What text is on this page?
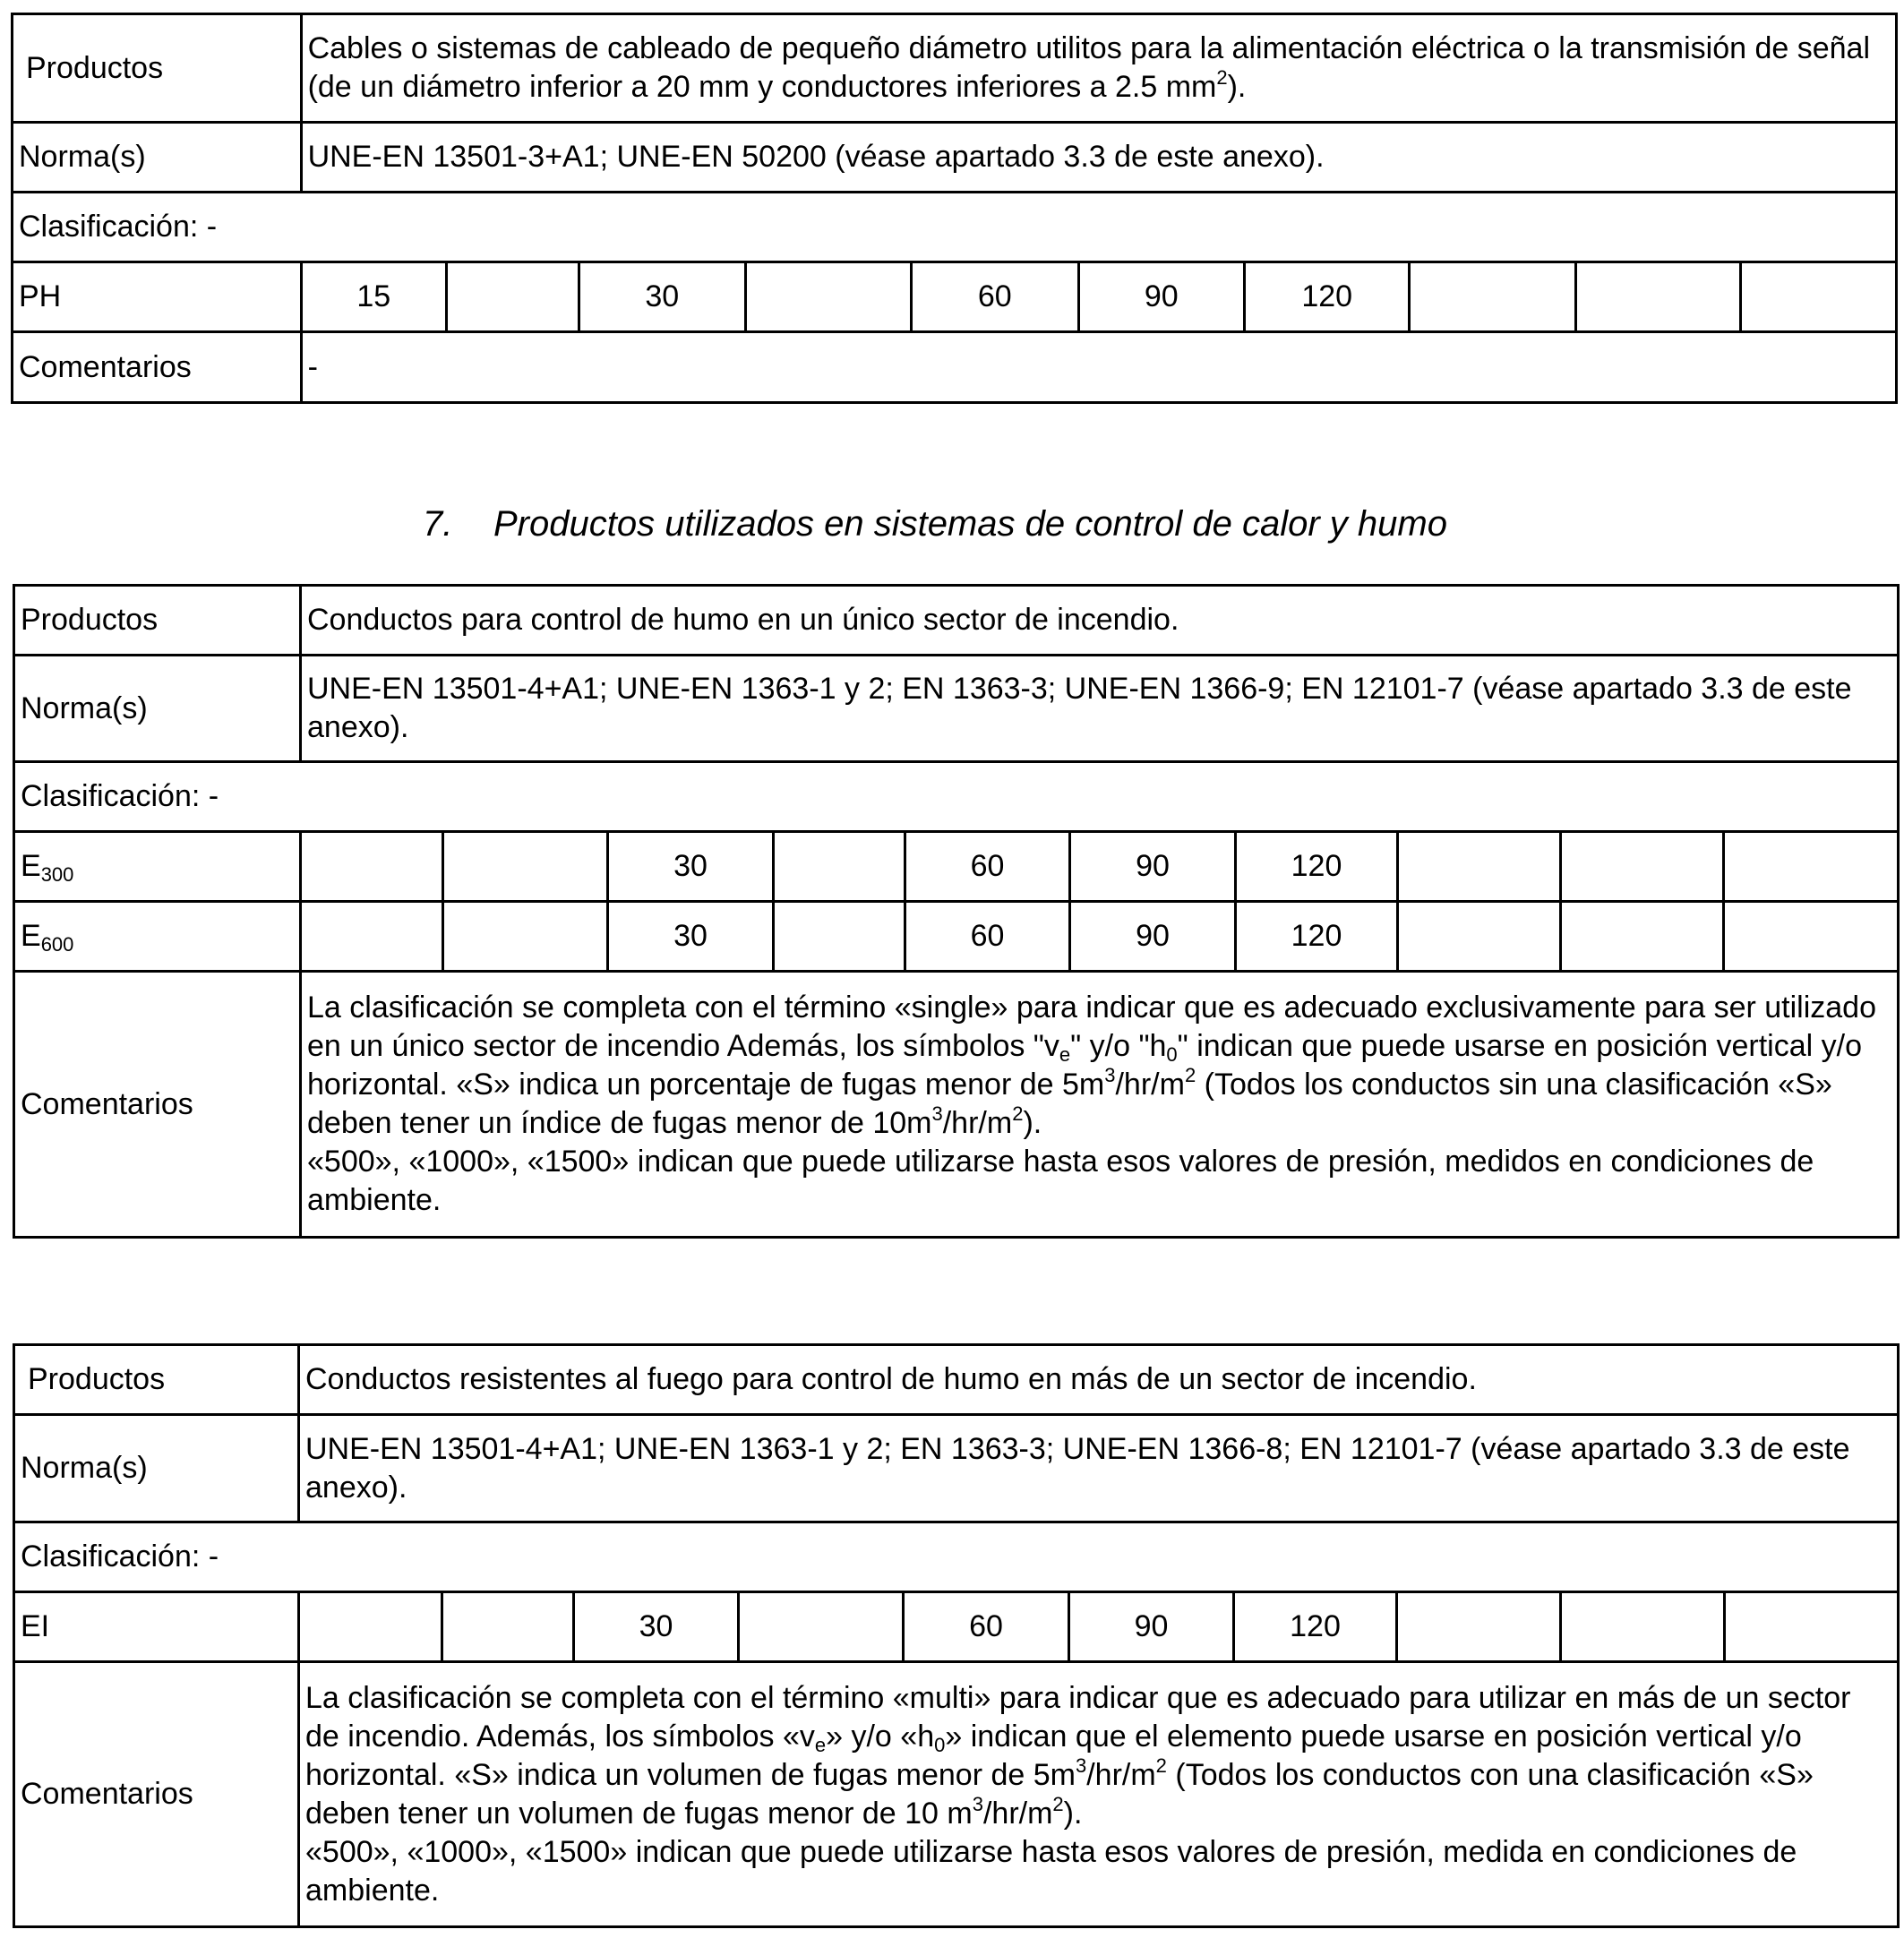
Productos	Cables o sistemas de cableado de pequeño diámetro utilitos para la alimentación eléctrica o la transmisión de señal (de un diámetro inferior a 20 mm y conductores inferiores a 2.5 $mm^2$).									
Norma(s)	UNE-EN 13501-3+A1; UNE-EN 50200 (véase apartado 3.3 de este anexo).									
Clasificación: -										
PH	15		30		60	90	120			
Comentarios	-									
7. Productos utilizados en sistemas de control de calor y humo
Productos	Conductos para control de humo en un único sector de incendio.									
Norma(s)	UNE-EN 13501-4+A1; UNE-EN 1363-1 y 2; EN 1363-3; UNE-EN 1366-9; EN 12101-7 (véase apartado 3.3 de este anexo).									
Clasificación: -										
$E_{300}$			30		60	90	120			
$E_{600}$			30		60	90	120			
Comentarios	La clasificación se completa con el término «single» para indicar que es adecuado exclusivamente para ser utilizado en un único sector de incendio Además, los símbolos "$v_e$" y/o "$h_0$" indican que puede usarse en posición vertical y/o horizontal. «S» indica un porcentaje de fugas menor de $5m^3/hr/m^2$ (Todos los conductos sin una clasificación «S» deben tener un índice de fugas menor de $10m^3/hr/m^2$).
«500», «1000», «1500» indican que puede utilizarse hasta esos valores de presión, medidos en condiciones de ambiente.									
Productos	Conductos resistentes al fuego para control de humo en más de un sector de incendio.									
Norma(s)	UNE-EN 13501-4+A1; UNE-EN 1363-1 y 2; EN 1363-3; UNE-EN 1366-8; EN 12101-7 (véase apartado 3.3 de este anexo).									
Clasificación: -										
EI			30		60	90	120			
Comentarios	La clasificación se completa con el término «multi» para indicar que es adecuado para utilizar en más de un sector de incendio. Además, los símbolos «$v_e$» y/o «$h_0$» indican que el elemento puede usarse en posición vertical y/o horizontal. «S» indica un volumen de fugas menor de $5m^3/hr/m^2$ (Todos los conductos con una clasificación «S» deben tener un volumen de fugas menor de 10 $m^3/hr/m^2$).
«500», «1000», «1500» indican que puede utilizarse hasta esos valores de presión, medida en condiciones de ambiente.									
